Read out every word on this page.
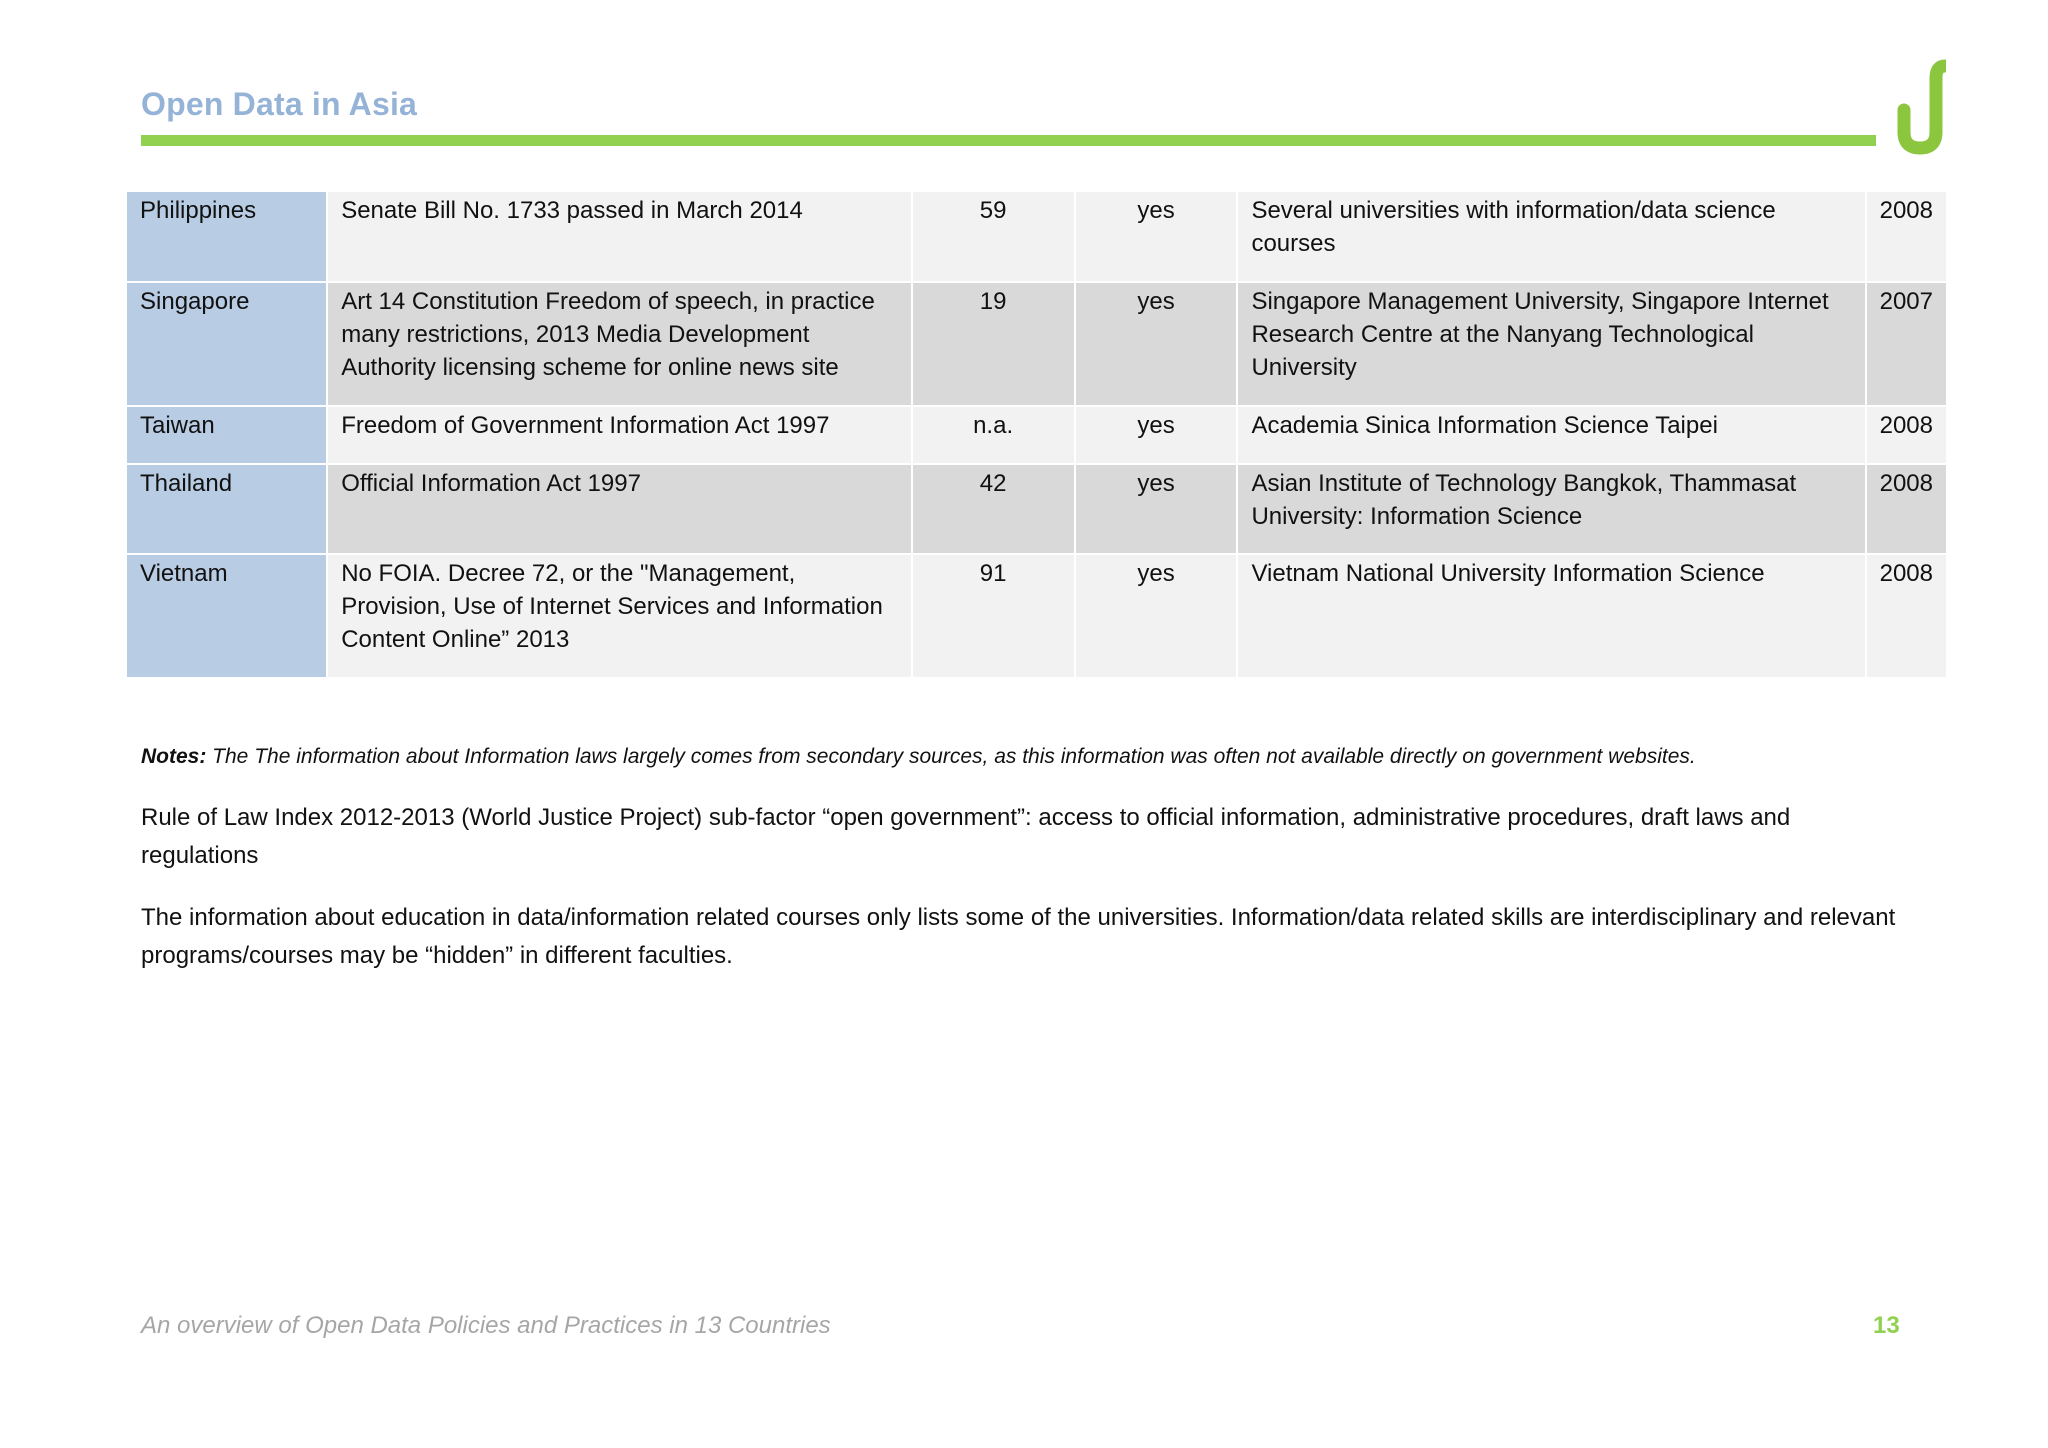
Open Data in Asia
Philippines	Senate Bill No. 1733 passed in March 2014	59	yes	Several universities with information/data science courses	2008
Singapore	Art 14 Constitution Freedom of speech, in practice many restrictions, 2013 Media Development Authority licensing scheme for online news site	19	yes	Singapore Management University, Singapore Internet Research Centre at the Nanyang Technological University	2007
Taiwan	Freedom of Government Information Act 1997	n.a.	yes	Academia Sinica Information Science Taipei	2008
Thailand	Official Information Act 1997	42	yes	Asian Institute of Technology Bangkok, Thammasat University: Information Science	2008
Vietnam	No FOIA. Decree 72, or the "Management, Provision, Use of Internet Services and Information Content Online” 2013	91	yes	Vietnam National University Information Science	2008
Notes: The The information about Information laws largely comes from secondary sources, as this information was often not available directly on government websites.
Rule of Law Index 2012-2013 (World Justice Project) sub-factor “open government”: access to official information, administrative procedures, draft laws and regulations
The information about education in data/information related courses only lists some of the universities. Information/data related skills are interdisciplinary and relevant programs/courses may be “hidden” in different faculties.
An overview of Open Data Policies and Practices in 13 Countries	13
